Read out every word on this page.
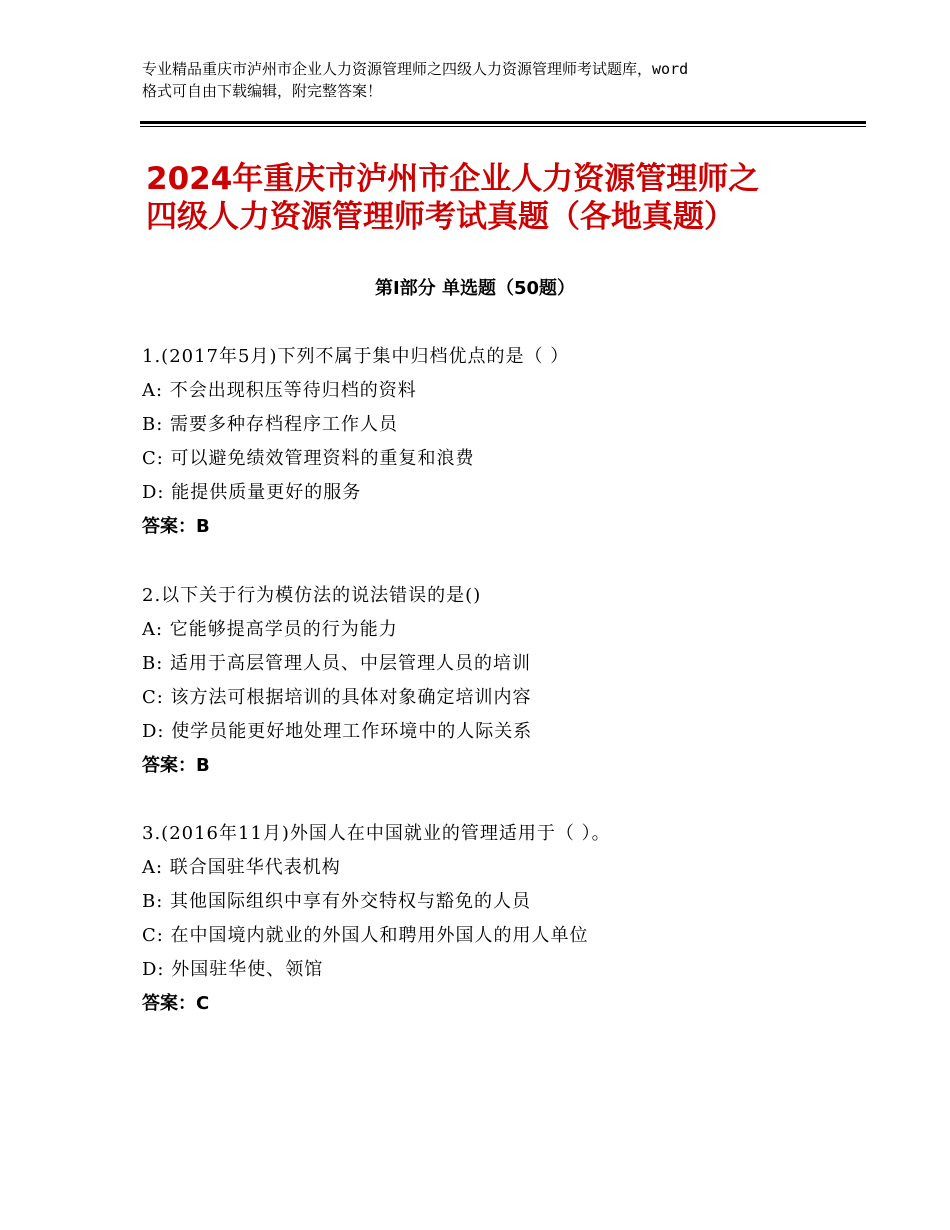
专业精品重庆市泸州市企业人力资源管理师之四级人力资源管理师考试题库，word
格式可自由下载编辑，附完整答案！
2024年重庆市泸州市企业人力资源管理师之
四级人力资源管理师考试真题（各地真题）
第Ⅰ部分 单选题（50题）
1.(2017年5月)下列不属于集中归档优点的是（ ）
A: 不会出现积压等待归档的资料
B: 需要多种存档程序工作人员
C: 可以避免绩效管理资料的重复和浪费
D: 能提供质量更好的服务
答案：B
2.以下关于行为模仿法的说法错误的是()
A: 它能够提高学员的行为能力
B: 适用于高层管理人员、中层管理人员的培训
C: 该方法可根据培训的具体对象确定培训内容
D: 使学员能更好地处理工作环境中的人际关系
答案：B
3.(2016年11月)外国人在中国就业的管理适用于（ ）。
A: 联合国驻华代表机构
B: 其他国际组织中享有外交特权与豁免的人员
C: 在中国境内就业的外国人和聘用外国人的用人单位
D: 外国驻华使、领馆
答案：C
